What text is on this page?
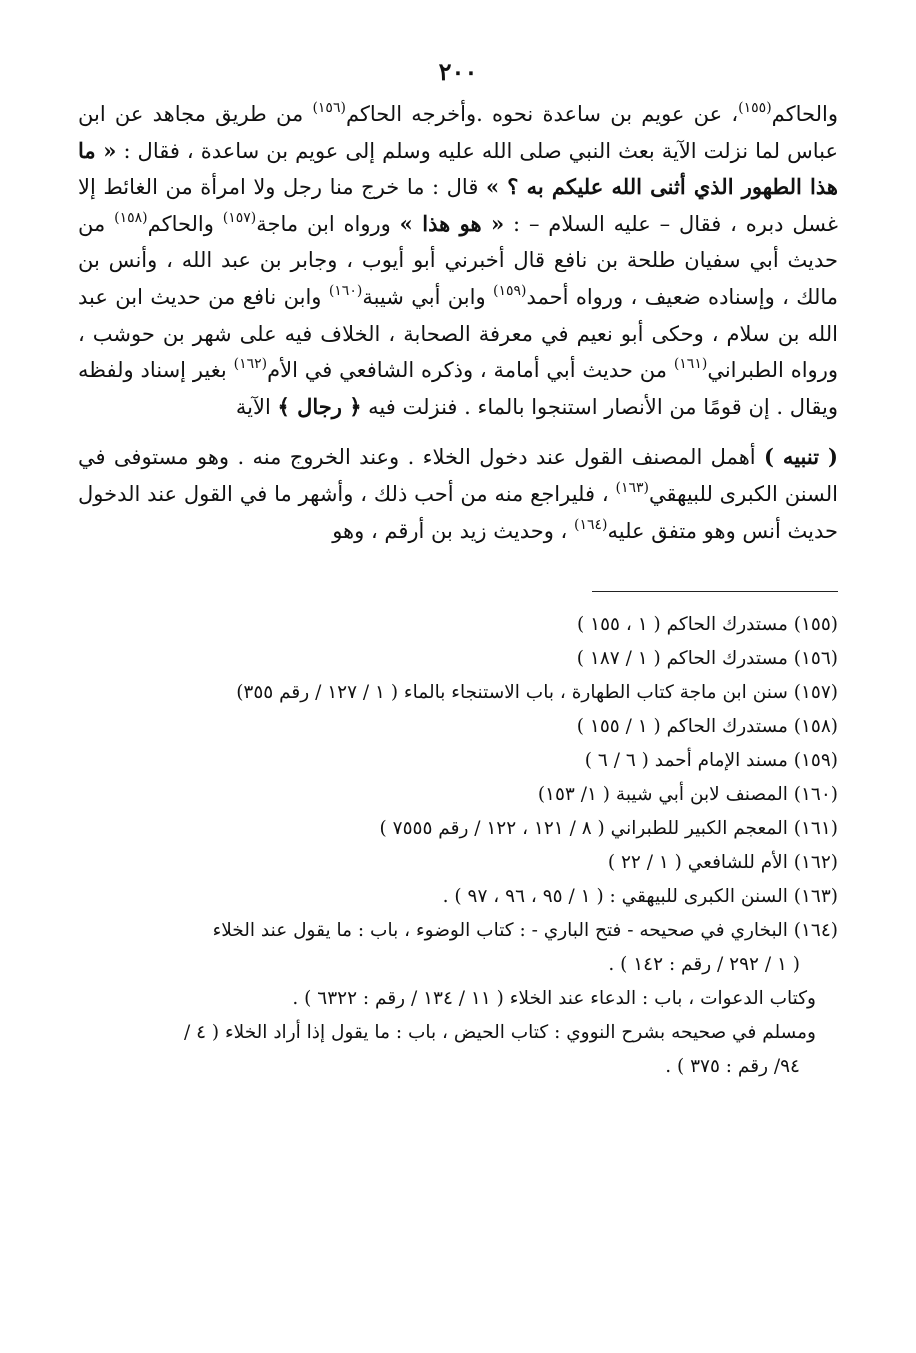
٢٠٠

والحاكم$^{(١٥٥)}$، عن عويم بن ساعدة نحوه .وأخرجه الحاكم$^{(١٥٦)}$ من طريق مجاهد عن ابن عباس لما نزلت الآية بعث النبي صلى الله عليه وسلم إلى عويم بن ساعدة ، فقال : « ما هذا الطهور الذي أثنى الله عليكم به ؟ » قال : ما خرج منا رجل ولا امرأة من الغائط إلا غسل دبره ، فقال – عليه السلام – : « هو هذا » ورواه ابن ماجة$^{(١٥٧)}$ والحاكم$^{(١٥٨)}$ من حديث أبي سفيان طلحة بن نافع قال أخبرني أبو أيوب ، وجابر بن عبد الله ، وأنس بن مالك ، وإسناده ضعيف ، ورواه أحمد$^{(١٥٩)}$ وابن أبي شيبة$^{(١٦٠)}$ وابن نافع من حديث ابن عبد الله بن سلام ، وحكى أبو نعيم في معرفة الصحابة ، الخلاف فيه على شهر بن حوشب ، ورواه الطبراني$^{(١٦١)}$ من حديث أبي أمامة ، وذكره الشافعي في الأم$^{(١٦٢)}$ بغير إسناد ولفظه ويقال . إن قومًا من الأنصار استنجوا بالماء . فنزلت فيه ﴿ رجال ﴾ الآية

( تنبيه ) أهمل المصنف القول عند دخول الخلاء . وعند الخروج منه . وهو مستوفى في السنن الكبرى للبيهقي$^{(١٦٣)}$ ، فليراجع منه من أحب ذلك ، وأشهر ما في القول عند الدخول حديث أنس وهو متفق عليه$^{(١٦٤)}$ ، وحديث زيد بن أرقم ، وهو

(١٥٥) مستدرك الحاكم ( ١ ، ١٥٥ )
(١٥٦) مستدرك الحاكم ( ١ / ١٨٧ )
(١٥٧) سنن ابن ماجة كتاب الطهارة ، باب الاستنجاء بالماء ( ١ / ١٢٧ / رقم ٣٥٥)
(١٥٨) مستدرك الحاكم ( ١ / ١٥٥ )
(١٥٩) مسند الإمام أحمد ( ٦ / ٦ )
(١٦٠) المصنف لابن أبي شيبة ( ١/ ١٥٣)
(١٦١) المعجم الكبير للطبراني ( ٨ / ١٢١ ، ١٢٢ / رقم ٧٥٥٥ )
(١٦٢) الأم للشافعي ( ١ / ٢٢ )
(١٦٣) السنن الكبرى للبيهقي : ( ١ / ٩٥ ، ٩٦ ، ٩٧ ) .
(١٦٤) البخاري في صحيحه - فتح الباري - : كتاب الوضوء ، باب : ما يقول عند الخلاء
( ١ / ٢٩٢ / رقم : ١٤٢ ) .
وكتاب الدعوات ، باب : الدعاء عند الخلاء ( ١١ / ١٣٤ / رقم : ٦٣٢٢ ) .
ومسلم في صحيحه بشرح النووي : كتاب الحيض ، باب : ما يقول إذا أراد الخلاء ( ٤ /
٩٤/ رقم : ٣٧٥ ) .
